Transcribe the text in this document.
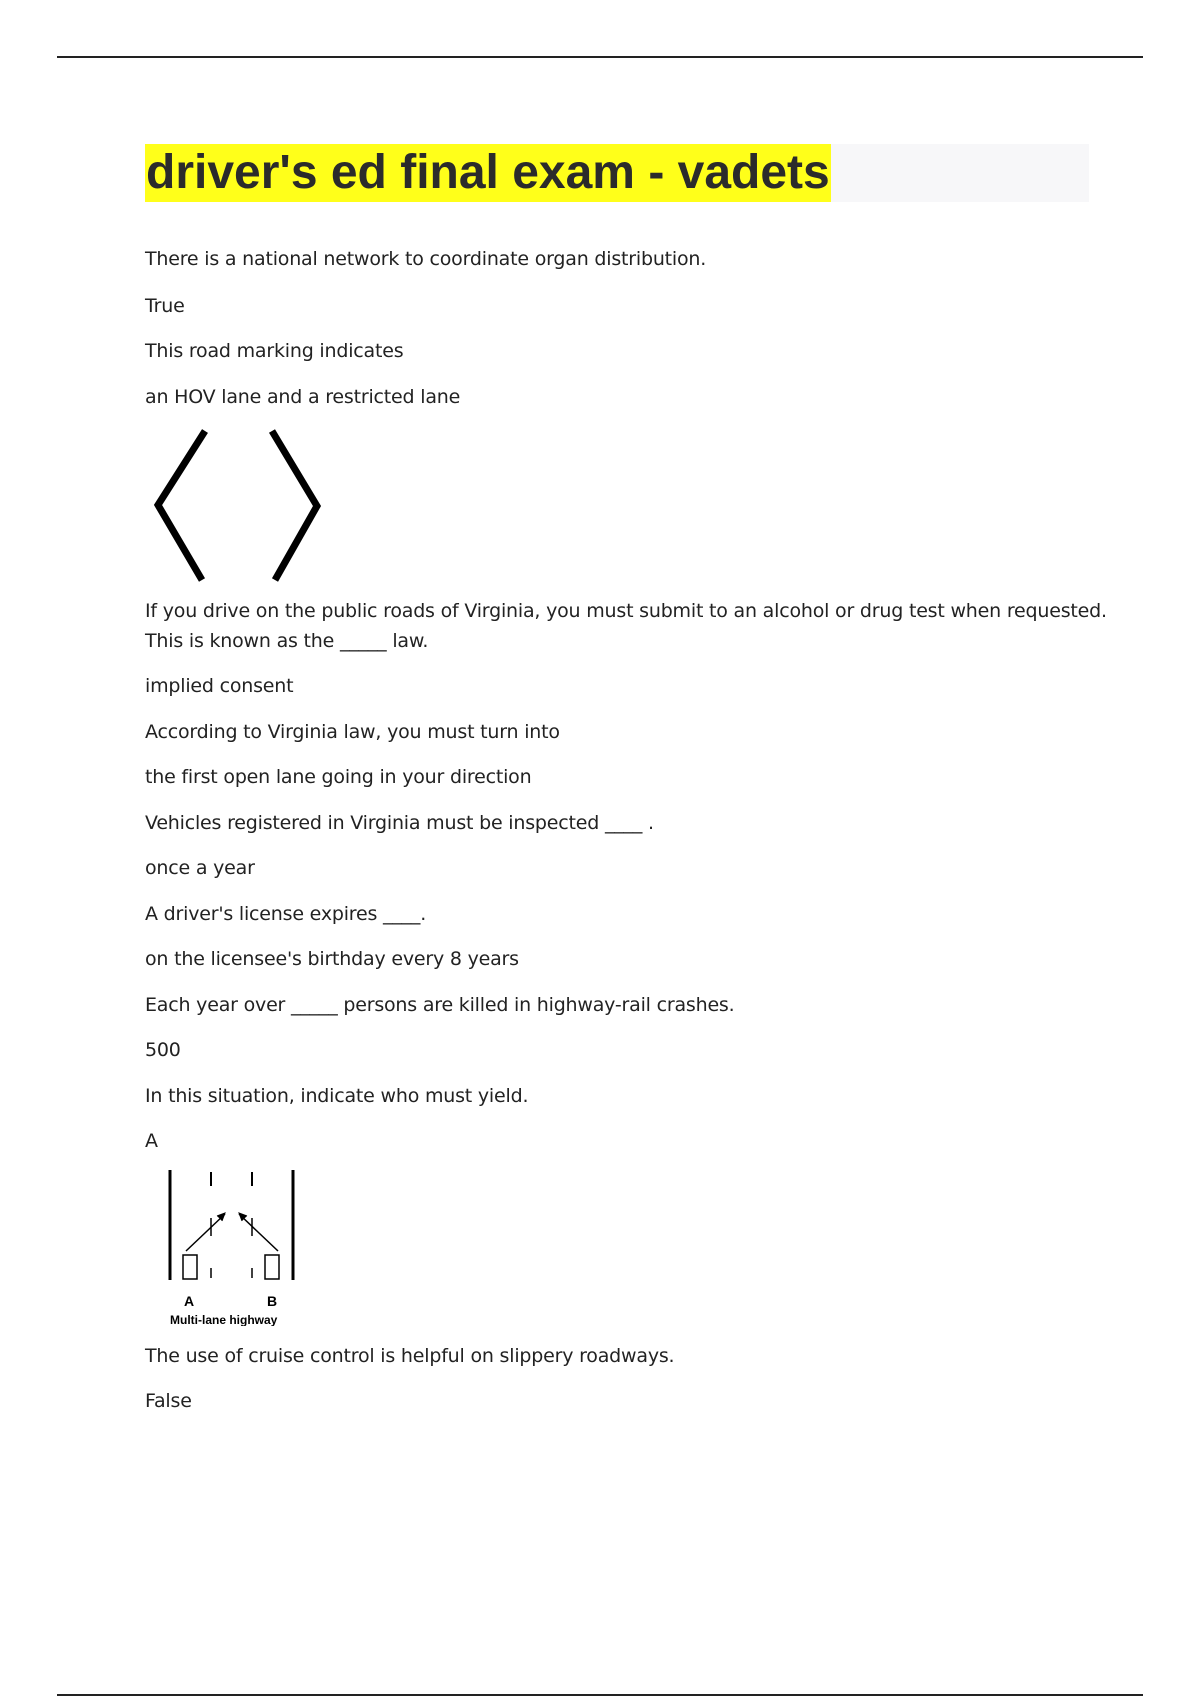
driver's ed final exam - vadets
There is a national network to coordinate organ distribution.
True
This road marking indicates
an HOV lane and a restricted lane
If you drive on the public roads of Virginia, you must submit to an alcohol or drug test when requested.
This is known as the _____ law.
implied consent
According to Virginia law, you must turn into
the first open lane going in your direction
Vehicles registered in Virginia must be inspected ____ .
once a year
A driver's license expires ____.
on the licensee's birthday every 8 years
Each year over _____ persons are killed in highway-rail crashes.
500
In this situation, indicate who must yield.
A
A	B
Multi-lane highway
The use of cruise control is helpful on slippery roadways.
False
